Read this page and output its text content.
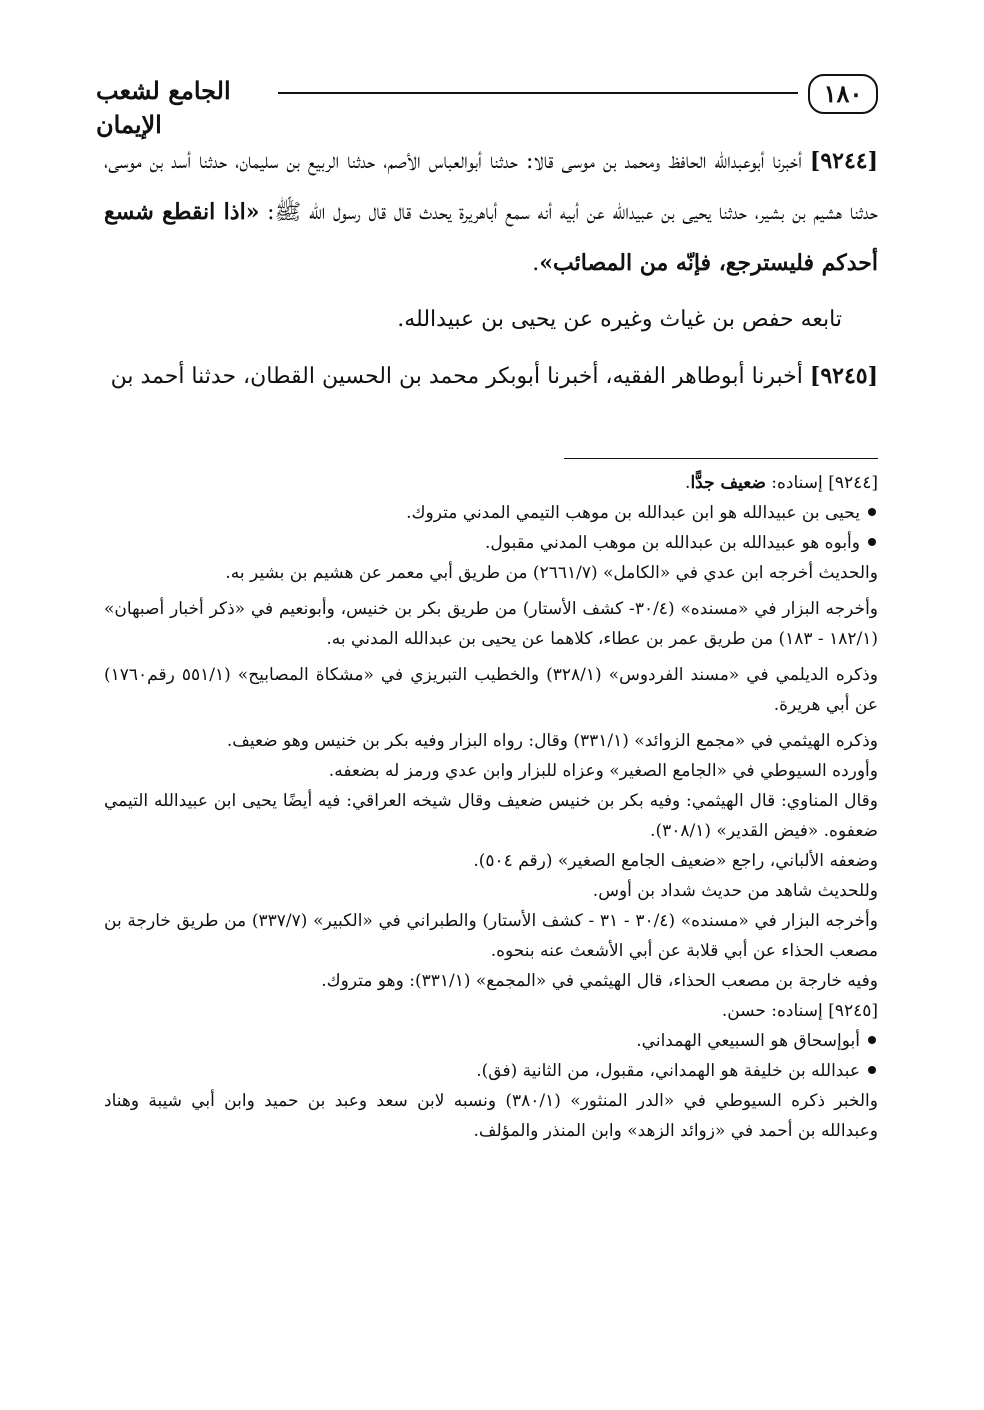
١٨٠
الجامع لشعب الإيمان

[٩٢٤٤] أخبرنا أبوعبدالله الحافظ ومحمد بن موسى قالا: حدثنا أبوالعباس الأصم، حدثنا الربيع بن سليمان، حدثنا أسد بن موسى، حدثنا هشيم بن بشير، حدثنا يحيى بن عبيدالله عن أبيه أنه سمع أباهريرة يحدث قال قال رسول الله ﷺ: «اذا انقطع شسع أحدكم فليسترجع، فإنّه من المصائب».

تابعه حفص بن غياث وغيره عن يحيى بن عبيدالله.

[٩٢٤٥] أخبرنا أبوطاهر الفقيه، أخبرنا أبوبكر محمد بن الحسين القطان، حدثنا أحمد بن

[٩٢٤٤] إسناده: ضعيف جدًّا.

يحيى بن عبيدالله هو ابن عبدالله بن موهب التيمي المدني متروك.

وأبوه هو عبيدالله بن عبدالله بن موهب المدني مقبول.

والحديث أخرجه ابن عدي في «الكامل» (٢٦٦١/٧) من طريق أبي معمر عن هشيم بن بشير به.

وأخرجه البزار في «مسنده» (٣٠/٤- كشف الأستار) من طريق بكر بن خنيس، وأبونعيم في «ذكر أخبار أصبهان» (١٨٢/١ - ١٨٣) من طريق عمر بن عطاء، كلاهما عن يحيى بن عبدالله المدني به.

وذكره الديلمي في «مسند الفردوس» (٣٢٨/١) والخطيب التبريزي في «مشكاة المصابيح» (٥٥١/١ رقم١٧٦٠) عن أبي هريرة.

وذكره الهيثمي في «مجمع الزوائد» (٣٣١/١) وقال: رواه البزار وفيه بكر بن خنيس وهو ضعيف.

وأورده السيوطي في «الجامع الصغير» وعزاه للبزار وابن عدي ورمز له بضعفه.

وقال المناوي: قال الهيثمي: وفيه بكر بن خنيس ضعيف وقال شيخه العراقي: فيه أيضًا يحيى ابن عبيدالله التيمي ضعفوه. «فيض القدير» (٣٠٨/١).

وضعفه الألباني، راجع «ضعيف الجامع الصغير» (رقم ٥٠٤).

وللحديث شاهد من حديث شداد بن أوس.

وأخرجه البزار في «مسنده» (٣٠/٤ - ٣١ - كشف الأستار) والطبراني في «الكبير» (٣٣٧/٧) من طريق خارجة بن مصعب الحذاء عن أبي قلابة عن أبي الأشعث عنه بنحوه.

وفيه خارجة بن مصعب الحذاء، قال الهيثمي في «المجمع» (٣٣١/١): وهو متروك.

[٩٢٤٥] إسناده: حسن.

أبوإسحاق هو السبيعي الهمداني.

عبدالله بن خليفة هو الهمداني، مقبول، من الثانية (فق).

والخبر ذكره السيوطي في «الدر المنثور» (٣٨٠/١) ونسبه لابن سعد وعبد بن حميد وابن أبي شيبة وهناد وعبدالله بن أحمد في «زوائد الزهد» وابن المنذر والمؤلف.
